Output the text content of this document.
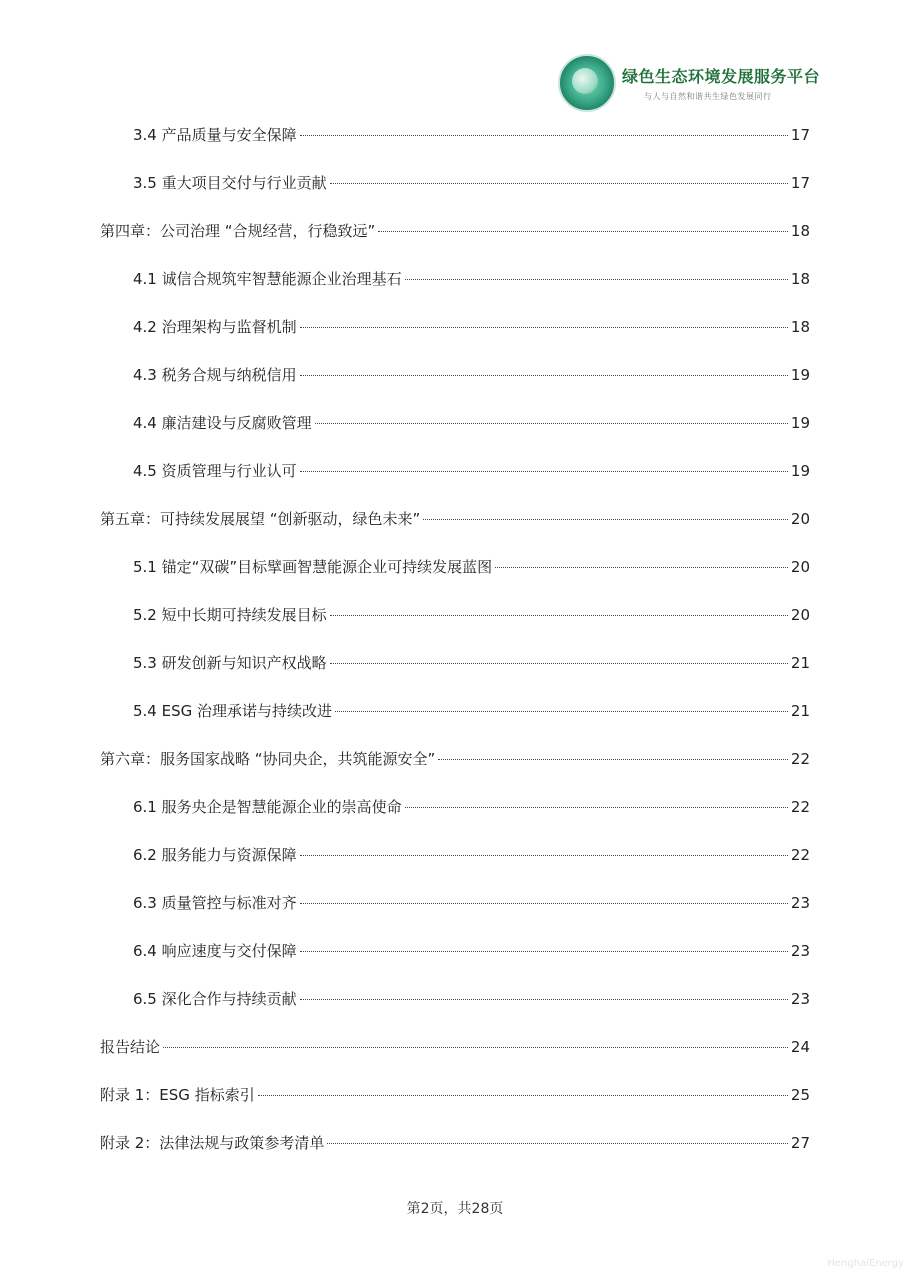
绿色生态环境发展服务平台
与人与自然和谐共生绿色发展同行
3.4 产品质量与安全保障	17
3.5 重大项目交付与行业贡献	17
第四章：公司治理 “合规经营，行稳致远”	18
4.1 诚信合规筑牢智慧能源企业治理基石	18
4.2 治理架构与监督机制	18
4.3 税务合规与纳税信用	19
4.4 廉洁建设与反腐败管理	19
4.5 资质管理与行业认可	19
第五章：可持续发展展望 “创新驱动，绿色未来”	20
5.1 锚定“双碳”目标擘画智慧能源企业可持续发展蓝图	20
5.2 短中长期可持续发展目标	20
5.3 研发创新与知识产权战略	21
5.4 ESG 治理承诺与持续改进	21
第六章：服务国家战略 “协同央企，共筑能源安全”	22
6.1 服务央企是智慧能源企业的崇高使命	22
6.2 服务能力与资源保障	22
6.3 质量管控与标准对齐	23
6.4 响应速度与交付保障	23
6.5 深化合作与持续贡献	23
报告结论	24
附录 1：ESG 指标索引	25
附录 2：法律法规与政策参考清单	27
第2页，共28页
HenghaiEnergy
